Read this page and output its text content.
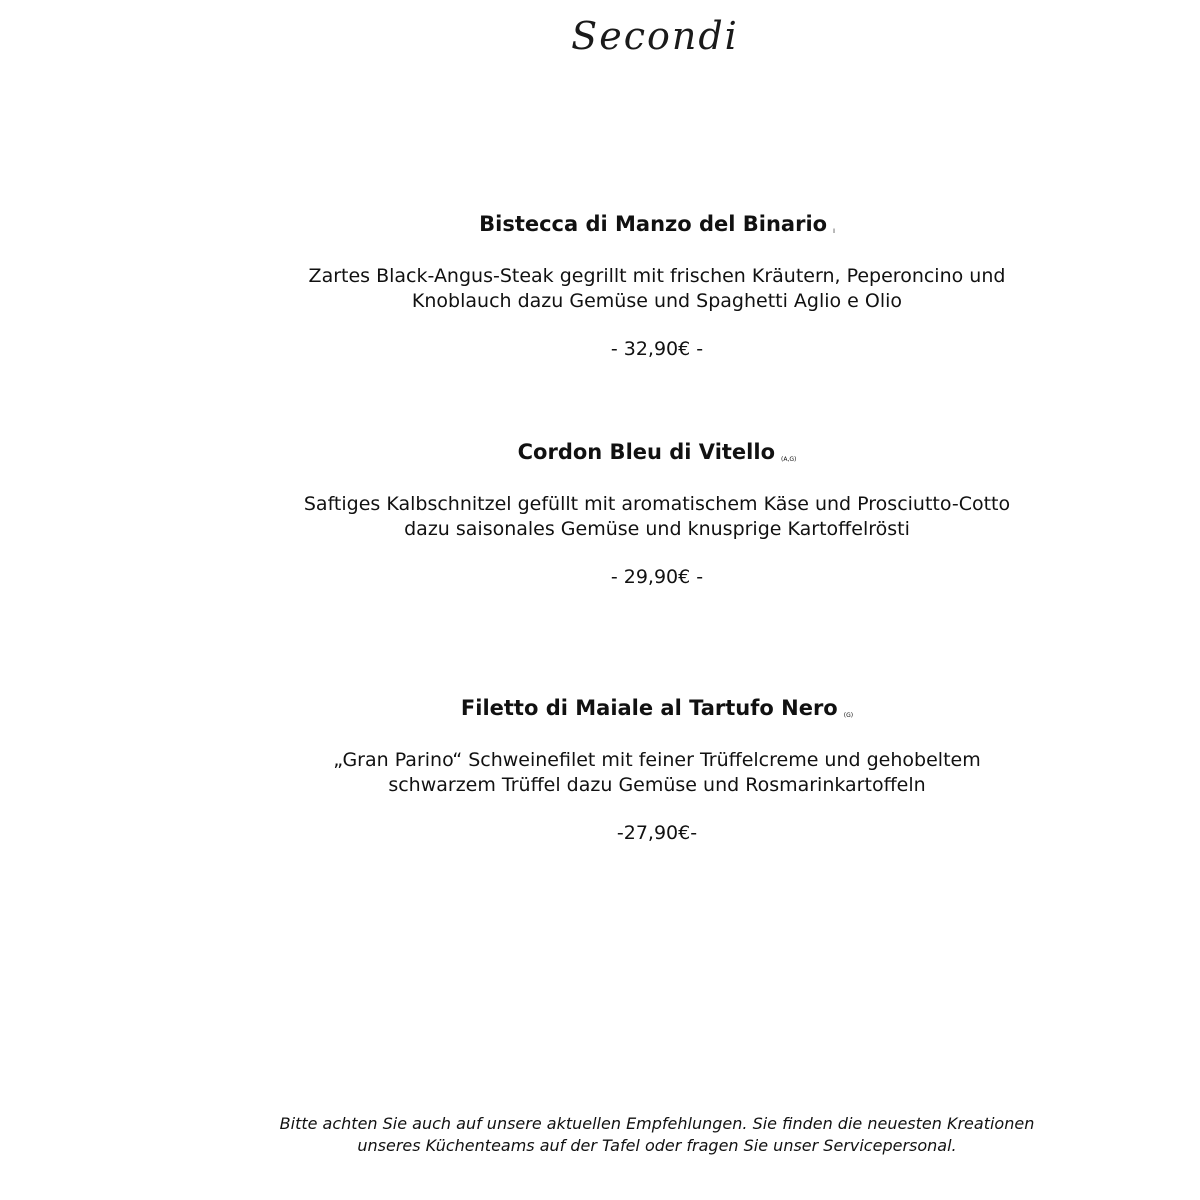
Secondi
Bistecca di Manzo del Binario I

Zartes Black-Angus-Steak gegrillt mit frischen Kräutern, Peperoncino und
Knoblauch dazu Gemüse und Spaghetti Aglio e Olio

- 32,90€ -

Cordon Bleu di Vitello (A,G)

Saftiges Kalbschnitzel gefüllt mit aromatischem Käse und Prosciutto-Cotto
dazu saisonales Gemüse und knusprige Kartoffelrösti

- 29,90€ -

Filetto di Maiale al Tartufo Nero (G)

„Gran Parino“ Schweinefilet mit feiner Trüffelcreme und gehobeltem
schwarzem Trüffel dazu Gemüse und Rosmarinkartoffeln

-27,90€-

Bitte achten Sie auch auf unsere aktuellen Empfehlungen. Sie finden die neuesten Kreationen
unseres Küchenteams auf der Tafel oder fragen Sie unser Servicepersonal.
